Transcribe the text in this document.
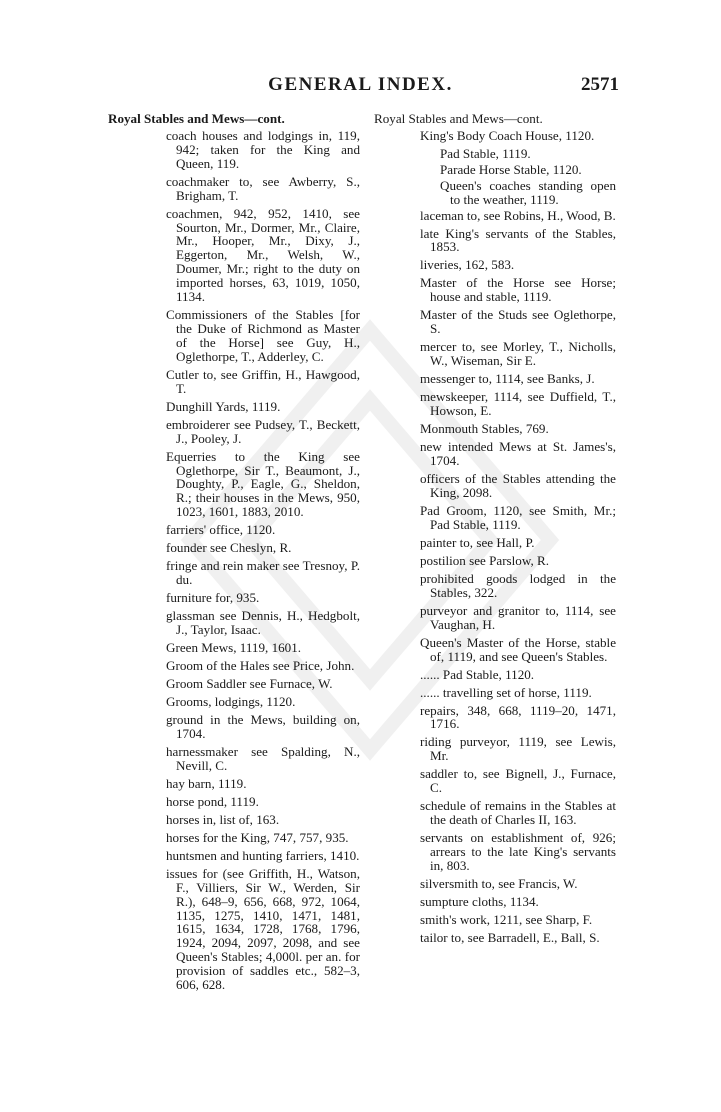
GENERAL INDEX.	2571
Royal Stables and Mews—cont.
coach houses and lodgings in, 119, 942; taken for the King and Queen, 119.
coachmaker to, see Awberry, S., Brigham, T.
coachmen, 942, 952, 1410, see Sourton, Mr., Dormer, Mr., Claire, Mr., Hooper, Mr., Dixy, J., Eggerton, Mr., Welsh, W., Doumer, Mr.; right to the duty on imported horses, 63, 1019, 1050, 1134.
Commissioners of the Stables [for the Duke of Richmond as Master of the Horse] see Guy, H., Oglethorpe, T., Adderley, C.
Cutler to, see Griffin, H., Hawgood, T.
Dunghill Yards, 1119.
embroiderer see Pudsey, T., Beckett, J., Pooley, J.
Equerries to the King see Oglethorpe, Sir T., Beaumont, J., Doughty, P., Eagle, G., Sheldon, R.; their houses in the Mews, 950, 1023, 1601, 1883, 2010.
farriers' office, 1120.
founder see Cheslyn, R.
fringe and rein maker see Tresnoy, P. du.
furniture for, 935.
glassman see Dennis, H., Hedgbolt, J., Taylor, Isaac.
Green Mews, 1119, 1601.
Groom of the Hales see Price, John.
Groom Saddler see Furnace, W.
Grooms, lodgings, 1120.
ground in the Mews, building on, 1704.
harnessmaker see Spalding, N., Nevill, C.
hay barn, 1119.
horse pond, 1119.
horses in, list of, 163.
horses for the King, 747, 757, 935.
huntsmen and hunting farriers, 1410.
issues for (see Griffith, H., Watson, F., Villiers, Sir W., Werden, Sir R.), 648–9, 656, 668, 972, 1064, 1135, 1275, 1410, 1471, 1481, 1615, 1634, 1728, 1768, 1796, 1924, 2094, 2097, 2098, and see Queen's Stables; 4,000l. per an. for provision of saddles etc., 582–3, 606, 628.
Royal Stables and Mews—cont.
King's Body Coach House, 1120.
Pad Stable, 1119.
Parade Horse Stable, 1120.
Queen's coaches standing open to the weather, 1119.
laceman to, see Robins, H., Wood, B.
late King's servants of the Stables, 1853.
liveries, 162, 583.
Master of the Horse see Horse; house and stable, 1119.
Master of the Studs see Oglethorpe, S.
mercer to, see Morley, T., Nicholls, W., Wiseman, Sir E.
messenger to, 1114, see Banks, J.
mewskeeper, 1114, see Duffield, T., Howson, E.
Monmouth Stables, 769.
new intended Mews at St. James's, 1704.
officers of the Stables attending the King, 2098.
Pad Groom, 1120, see Smith, Mr.; Pad Stable, 1119.
painter to, see Hall, P.
postilion see Parslow, R.
prohibited goods lodged in the Stables, 322.
purveyor and granitor to, 1114, see Vaughan, H.
Queen's Master of the Horse, stable of, 1119, and see Queen's Stables.
...... Pad Stable, 1120.
...... travelling set of horse, 1119.
repairs, 348, 668, 1119–20, 1471, 1716.
riding purveyor, 1119, see Lewis, Mr.
saddler to, see Bignell, J., Furnace, C.
schedule of remains in the Stables at the death of Charles II, 163.
servants on establishment of, 926; arrears to the late King's servants in, 803.
silversmith to, see Francis, W.
sumpture cloths, 1134.
smith's work, 1211, see Sharp, F.
tailor to, see Barradell, E., Ball, S.
